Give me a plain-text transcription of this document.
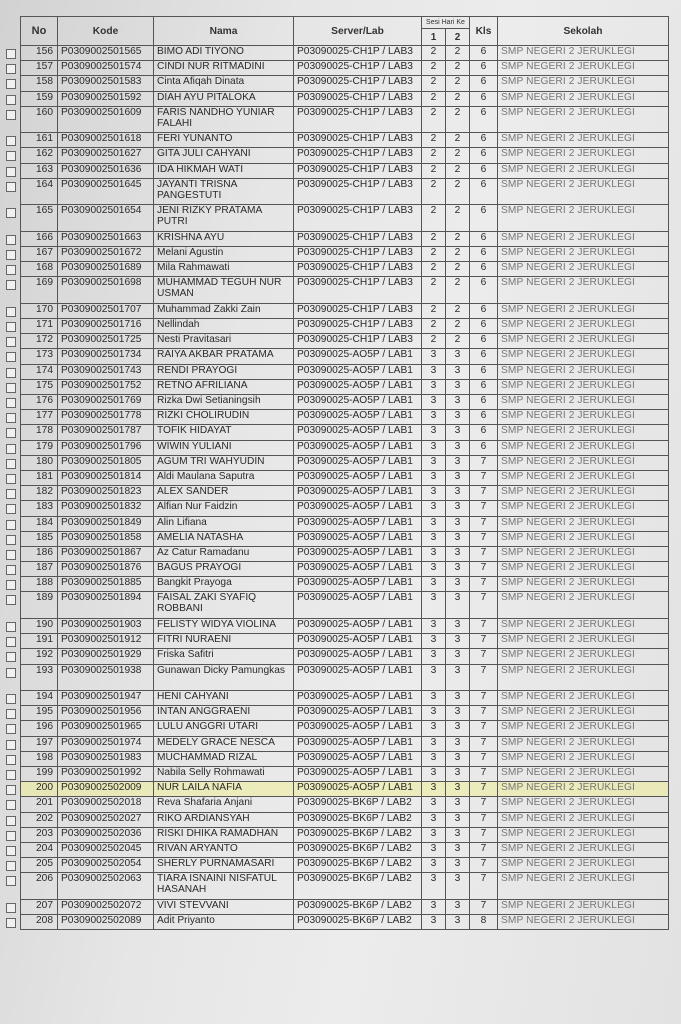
No	Kode	Nama	Server/Lab	Sesi Hari Ke		Kls	Sekolah
				1	2		
156	P0309002501565	BIMO ADI TIYONO	P03090025-CH1P / LAB3	2	2	6	SMP NEGERI 2 JERUKLEGI
157	P0309002501574	CINDI NUR RITMADINI	P03090025-CH1P / LAB3	2	2	6	SMP NEGERI 2 JERUKLEGI
158	P0309002501583	Cinta Afiqah Dinata	P03090025-CH1P / LAB3	2	2	6	SMP NEGERI 2 JERUKLEGI
159	P0309002501592	DIAH AYU PITALOKA	P03090025-CH1P / LAB3	2	2	6	SMP NEGERI 2 JERUKLEGI
160	P0309002501609	FARIS NANDHO YUNIAR FALAHI	P03090025-CH1P / LAB3	2	2	6	SMP NEGERI 2 JERUKLEGI
161	P0309002501618	FERI YUNANTO	P03090025-CH1P / LAB3	2	2	6	SMP NEGERI 2 JERUKLEGI
162	P0309002501627	GITA JULI CAHYANI	P03090025-CH1P / LAB3	2	2	6	SMP NEGERI 2 JERUKLEGI
163	P0309002501636	IDA HIKMAH WATI	P03090025-CH1P / LAB3	2	2	6	SMP NEGERI 2 JERUKLEGI
164	P0309002501645	JAYANTI TRISNA PANGESTUTI	P03090025-CH1P / LAB3	2	2	6	SMP NEGERI 2 JERUKLEGI
165	P0309002501654	JENI RIZKY PRATAMA PUTRI	P03090025-CH1P / LAB3	2	2	6	SMP NEGERI 2 JERUKLEGI
166	P0309002501663	KRISHNA AYU	P03090025-CH1P / LAB3	2	2	6	SMP NEGERI 2 JERUKLEGI
167	P0309002501672	Melani Agustin	P03090025-CH1P / LAB3	2	2	6	SMP NEGERI 2 JERUKLEGI
168	P0309002501689	Mila Rahmawati	P03090025-CH1P / LAB3	2	2	6	SMP NEGERI 2 JERUKLEGI
169	P0309002501698	MUHAMMAD TEGUH NUR USMAN	P03090025-CH1P / LAB3	2	2	6	SMP NEGERI 2 JERUKLEGI
170	P0309002501707	Muhammad Zakki Zain	P03090025-CH1P / LAB3	2	2	6	SMP NEGERI 2 JERUKLEGI
171	P0309002501716	Nellindah	P03090025-CH1P / LAB3	2	2	6	SMP NEGERI 2 JERUKLEGI
172	P0309002501725	Nesti Pravitasari	P03090025-CH1P / LAB3	2	2	6	SMP NEGERI 2 JERUKLEGI
173	P0309002501734	RAIYA AKBAR PRATAMA	P03090025-AO5P / LAB1	3	3	6	SMP NEGERI 2 JERUKLEGI
174	P0309002501743	RENDI PRAYOGI	P03090025-AO5P / LAB1	3	3	6	SMP NEGERI 2 JERUKLEGI
175	P0309002501752	RETNO AFRILIANA	P03090025-AO5P / LAB1	3	3	6	SMP NEGERI 2 JERUKLEGI
176	P0309002501769	Rizka Dwi Setianingsih	P03090025-AO5P / LAB1	3	3	6	SMP NEGERI 2 JERUKLEGI
177	P0309002501778	RIZKI CHOLIRUDIN	P03090025-AO5P / LAB1	3	3	6	SMP NEGERI 2 JERUKLEGI
178	P0309002501787	TOFIK HIDAYAT	P03090025-AO5P / LAB1	3	3	6	SMP NEGERI 2 JERUKLEGI
179	P0309002501796	WIWIN YULIANI	P03090025-AO5P / LAB1	3	3	6	SMP NEGERI 2 JERUKLEGI
180	P0309002501805	AGUM TRI WAHYUDIN	P03090025-AO5P / LAB1	3	3	7	SMP NEGERI 2 JERUKLEGI
181	P0309002501814	Aldi Maulana Saputra	P03090025-AO5P / LAB1	3	3	7	SMP NEGERI 2 JERUKLEGI
182	P0309002501823	ALEX SANDER	P03090025-AO5P / LAB1	3	3	7	SMP NEGERI 2 JERUKLEGI
183	P0309002501832	Alfian Nur Faidzin	P03090025-AO5P / LAB1	3	3	7	SMP NEGERI 2 JERUKLEGI
184	P0309002501849	Alin Lifiana	P03090025-AO5P / LAB1	3	3	7	SMP NEGERI 2 JERUKLEGI
185	P0309002501858	AMELIA NATASHA	P03090025-AO5P / LAB1	3	3	7	SMP NEGERI 2 JERUKLEGI
186	P0309002501867	Az Catur Ramadanu	P03090025-AO5P / LAB1	3	3	7	SMP NEGERI 2 JERUKLEGI
187	P0309002501876	BAGUS PRAYOGI	P03090025-AO5P / LAB1	3	3	7	SMP NEGERI 2 JERUKLEGI
188	P0309002501885	Bangkit Prayoga	P03090025-AO5P / LAB1	3	3	7	SMP NEGERI 2 JERUKLEGI
189	P0309002501894	FAISAL ZAKI SYAFIQ ROBBANI	P03090025-AO5P / LAB1	3	3	7	SMP NEGERI 2 JERUKLEGI
190	P0309002501903	FELISTY WIDYA VIOLINA	P03090025-AO5P / LAB1	3	3	7	SMP NEGERI 2 JERUKLEGI
191	P0309002501912	FITRI NURAENI	P03090025-AO5P / LAB1	3	3	7	SMP NEGERI 2 JERUKLEGI
192	P0309002501929	Friska Safitri	P03090025-AO5P / LAB1	3	3	7	SMP NEGERI 2 JERUKLEGI
193	P0309002501938	Gunawan Dicky Pamungkas	P03090025-AO5P / LAB1	3	3	7	SMP NEGERI 2 JERUKLEGI
194	P0309002501947	HENI CAHYANI	P03090025-AO5P / LAB1	3	3	7	SMP NEGERI 2 JERUKLEGI
195	P0309002501956	INTAN ANGGRAENI	P03090025-AO5P / LAB1	3	3	7	SMP NEGERI 2 JERUKLEGI
196	P0309002501965	LULU ANGGRI UTARI	P03090025-AO5P / LAB1	3	3	7	SMP NEGERI 2 JERUKLEGI
197	P0309002501974	MEDELY GRACE NESCA	P03090025-AO5P / LAB1	3	3	7	SMP NEGERI 2 JERUKLEGI
198	P0309002501983	MUCHAMMAD RIZAL	P03090025-AO5P / LAB1	3	3	7	SMP NEGERI 2 JERUKLEGI
199	P0309002501992	Nabila Selly Rohmawati	P03090025-AO5P / LAB1	3	3	7	SMP NEGERI 2 JERUKLEGI
200	P0309002502009	NUR LAILA NAFIA	P03090025-AO5P / LAB1	3	3	7	SMP NEGERI 2 JERUKLEGI
201	P0309002502018	Reva Shafaria Anjani	P03090025-BK6P / LAB2	3	3	7	SMP NEGERI 2 JERUKLEGI
202	P0309002502027	RIKO ARDIANSYAH	P03090025-BK6P / LAB2	3	3	7	SMP NEGERI 2 JERUKLEGI
203	P0309002502036	RISKI DHIKA RAMADHAN	P03090025-BK6P / LAB2	3	3	7	SMP NEGERI 2 JERUKLEGI
204	P0309002502045	RIVAN ARYANTO	P03090025-BK6P / LAB2	3	3	7	SMP NEGERI 2 JERUKLEGI
205	P0309002502054	SHERLY PURNAMASARI	P03090025-BK6P / LAB2	3	3	7	SMP NEGERI 2 JERUKLEGI
206	P0309002502063	TIARA ISNAINI NISFATUL HASANAH	P03090025-BK6P / LAB2	3	3	7	SMP NEGERI 2 JERUKLEGI
207	P0309002502072	VIVI STEVVANI	P03090025-BK6P / LAB2	3	3	7	SMP NEGERI 2 JERUKLEGI
208	P0309002502089	Adit Priyanto	P03090025-BK6P / LAB2	3	3	8	SMP NEGERI 2 JERUKLEGI
